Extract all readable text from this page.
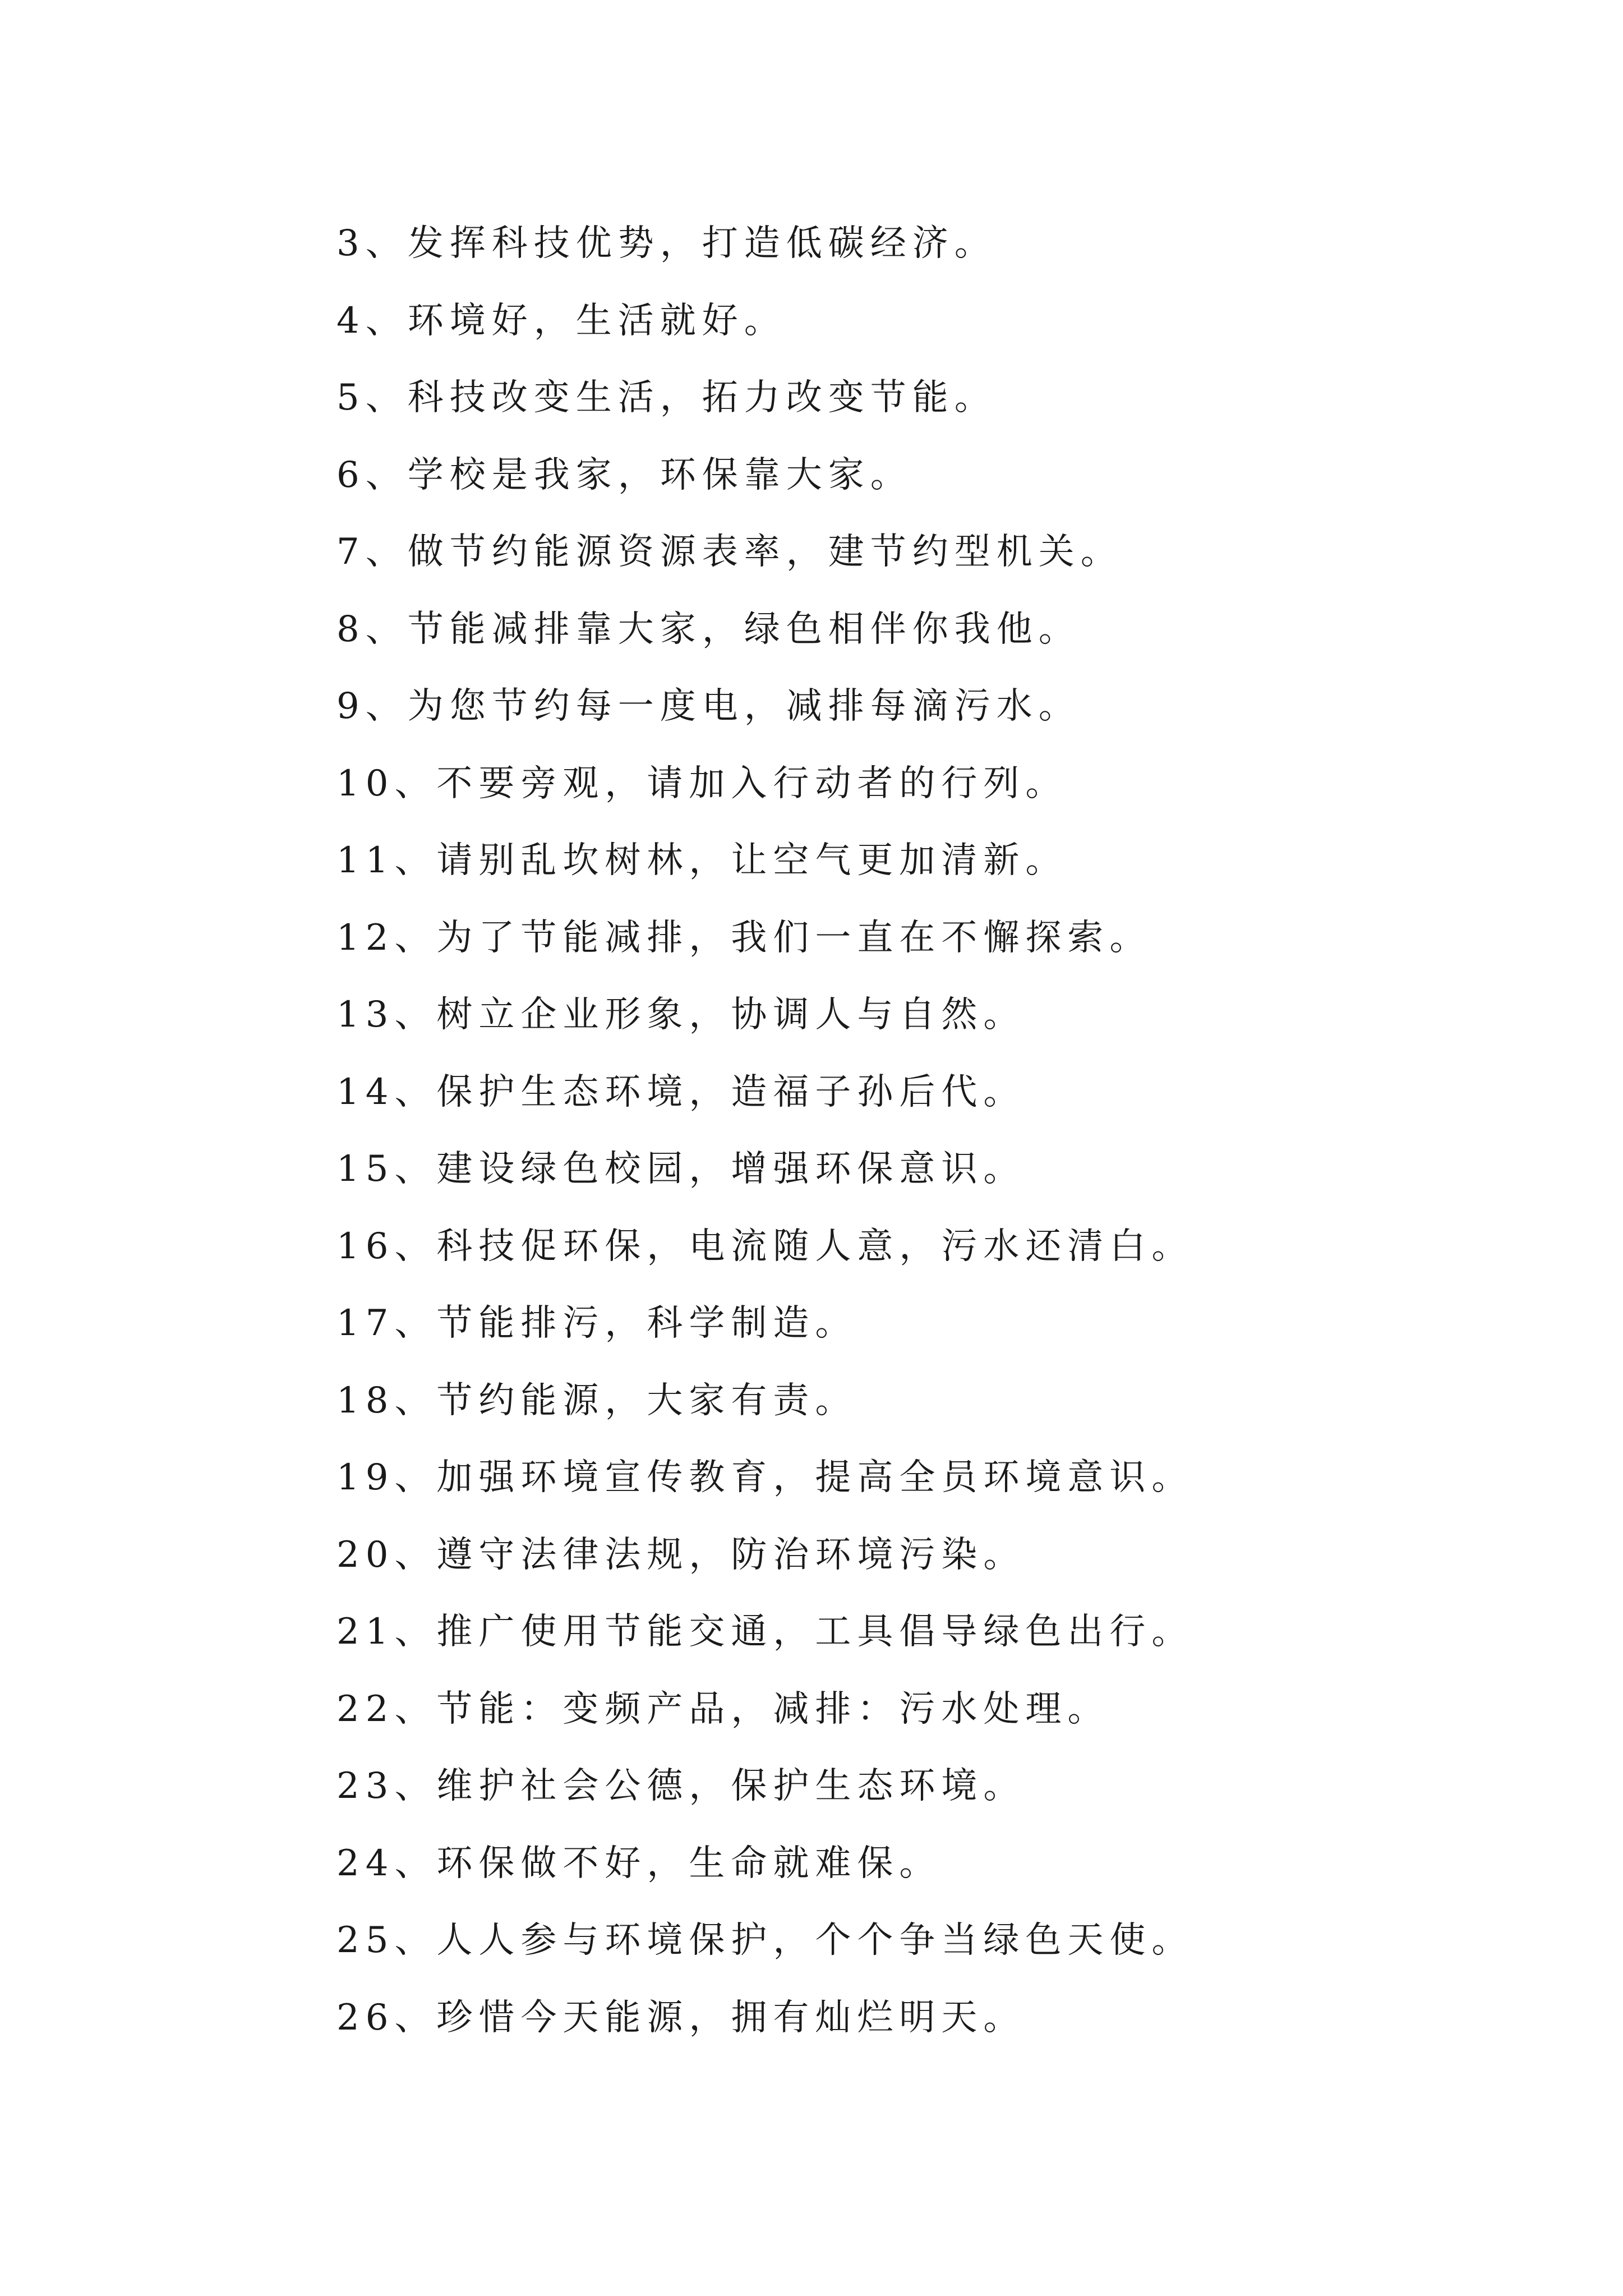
3、发挥科技优势，打造低碳经济。
4、环境好，生活就好。
5、科技改变生活，拓力改变节能。
6、学校是我家，环保靠大家。
7、做节约能源资源表率，建节约型机关。
8、节能减排靠大家，绿色相伴你我他。
9、为您节约每一度电，减排每滴污水。
10、不要旁观，请加入行动者的行列。
11、请别乱坎树林，让空气更加清新。
12、为了节能减排，我们一直在不懈探索。
13、树立企业形象，协调人与自然。
14、保护生态环境，造福子孙后代。
15、建设绿色校园，增强环保意识。
16、科技促环保，电流随人意，污水还清白。
17、节能排污，科学制造。
18、节约能源，大家有责。
19、加强环境宣传教育，提高全员环境意识。
20、遵守法律法规，防治环境污染。
21、推广使用节能交通，工具倡导绿色出行。
22、节能：变频产品，减排：污水处理。
23、维护社会公德，保护生态环境。
24、环保做不好，生命就难保。
25、人人参与环境保护，个个争当绿色天使。
26、珍惜今天能源，拥有灿烂明天。
